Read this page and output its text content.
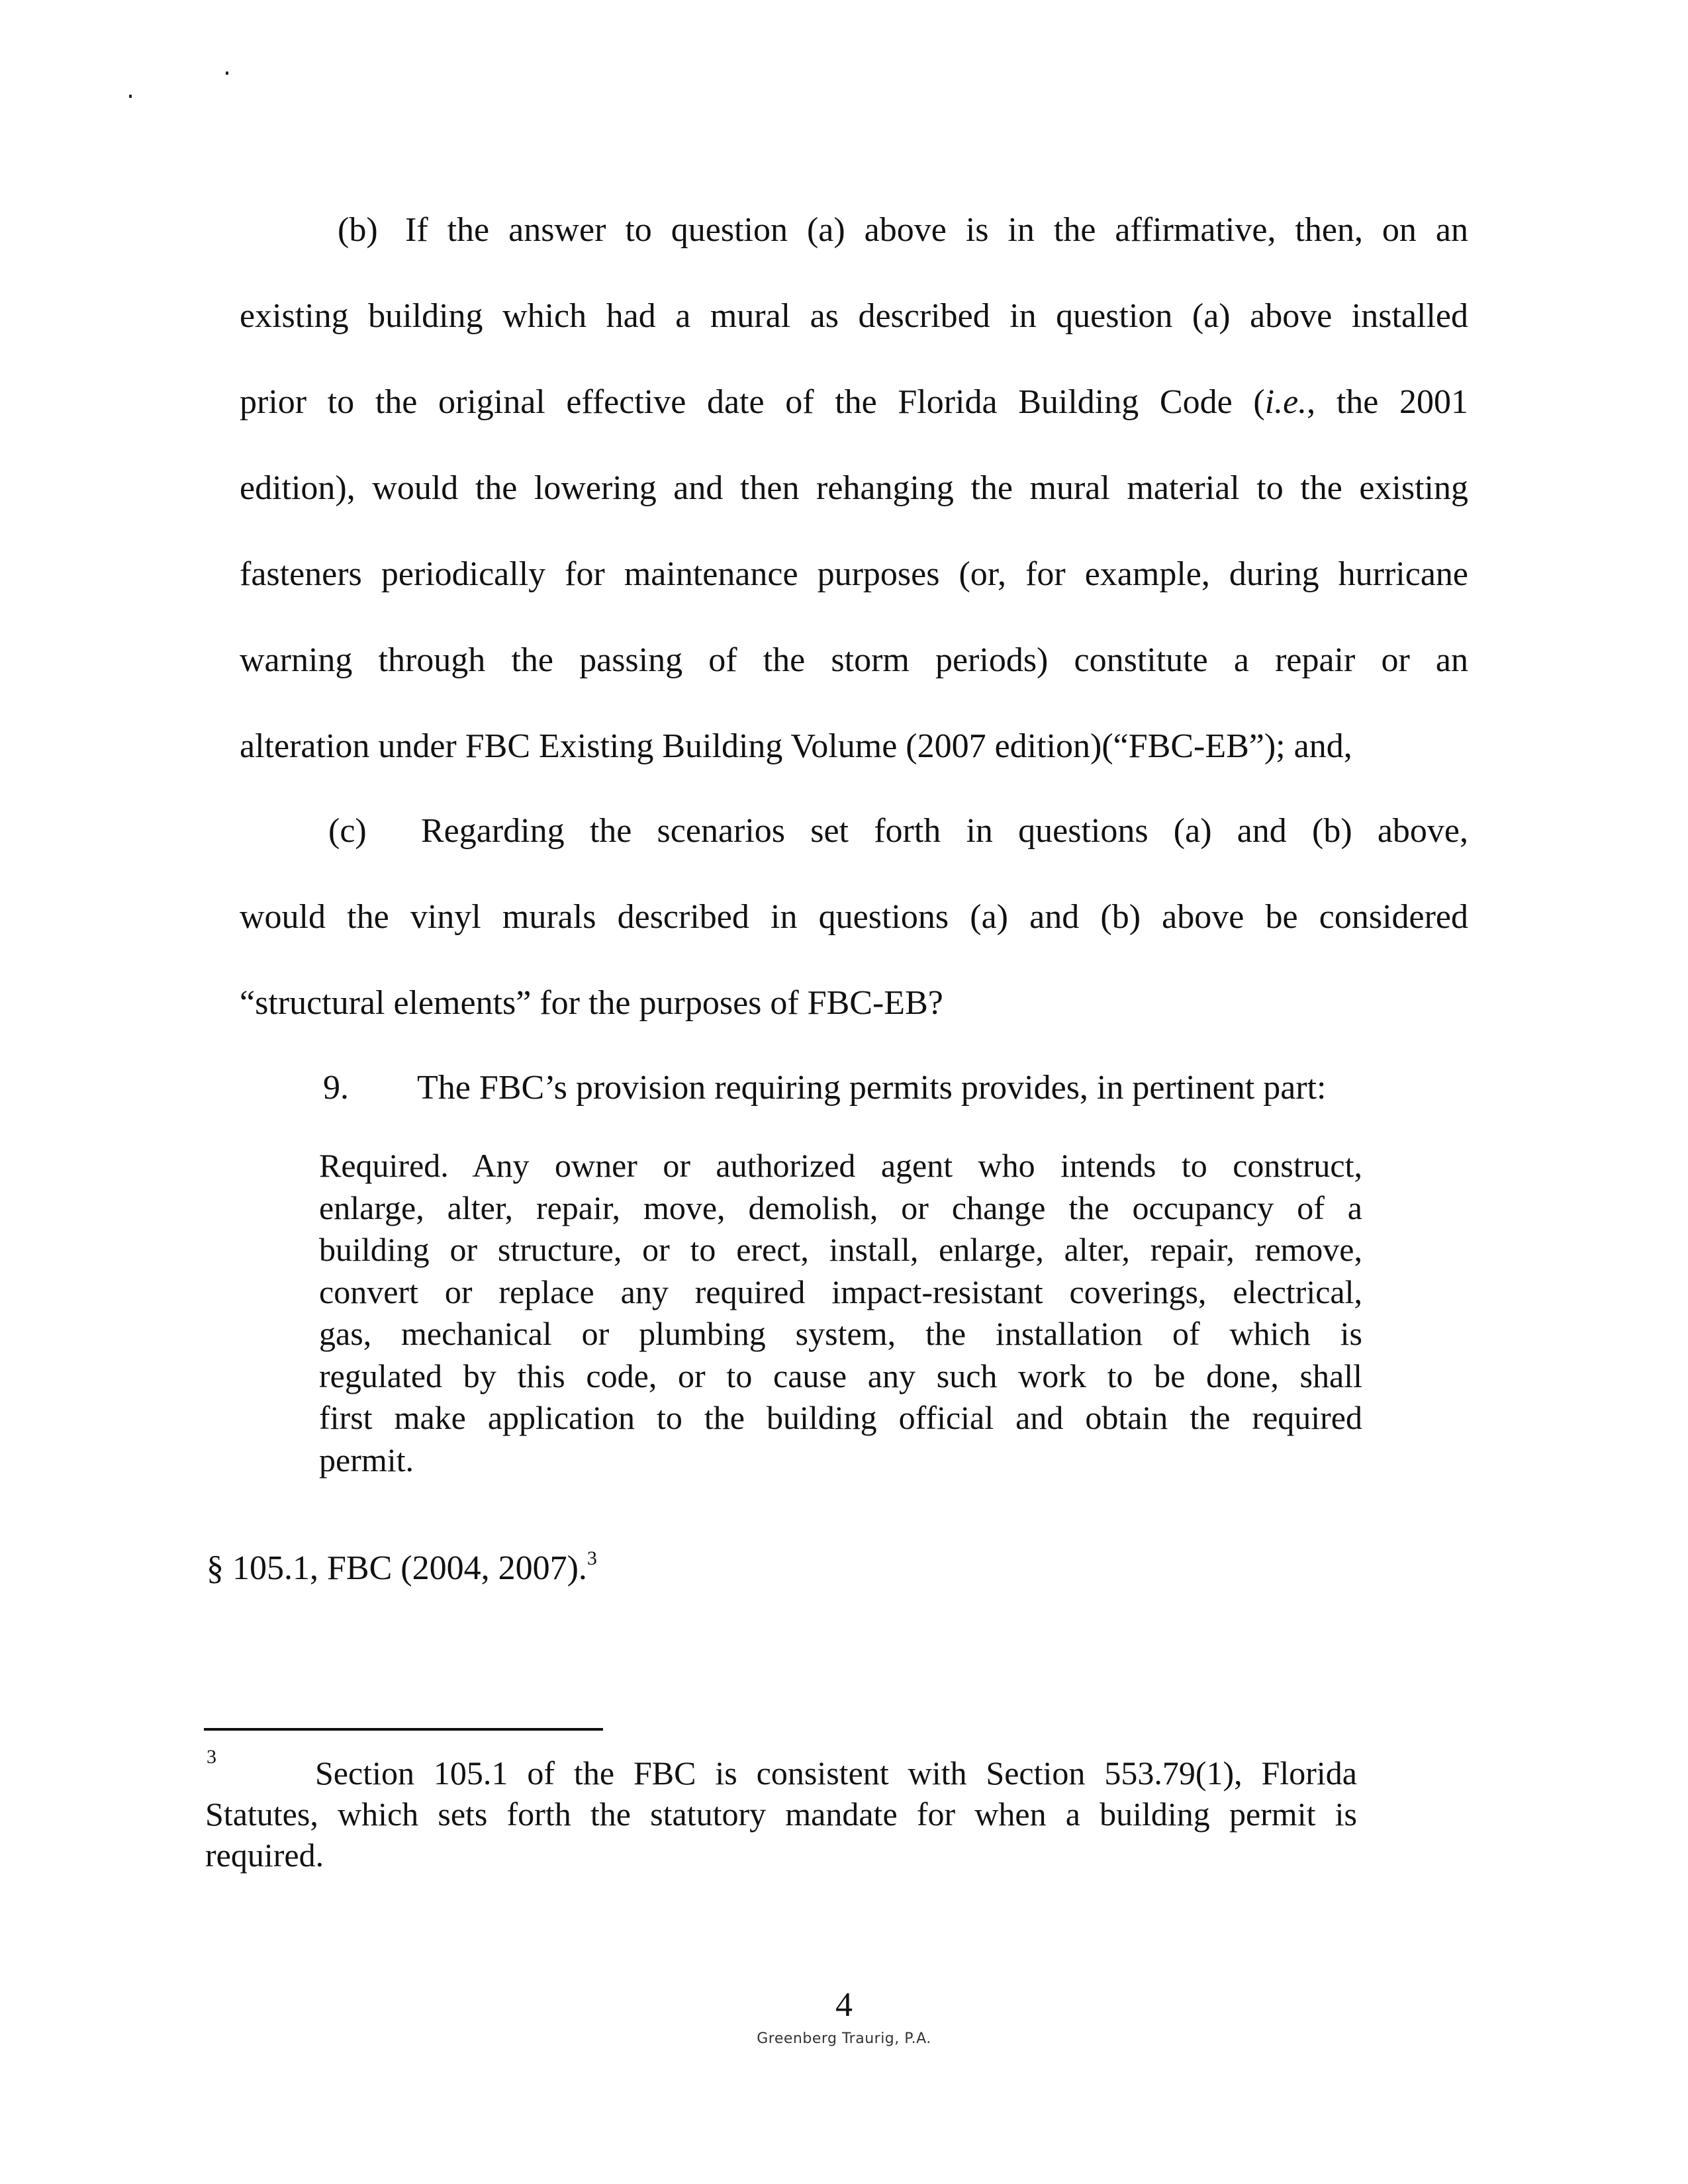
(b) If the answer to question (a) above is in the affirmative, then, on an
existing building which had a mural as described in question (a) above installed
prior to the original effective date of the Florida Building Code (i.e., the 2001
edition), would the lowering and then rehanging the mural material to the existing
fasteners periodically for maintenance purposes (or, for example, during hurricane
warning through the passing of the storm periods) constitute a repair or an
alteration under FBC Existing Building Volume (2007 edition)(“FBC-EB”); and,
(c) Regarding the scenarios set forth in questions (a) and (b) above,
would the vinyl murals described in questions (a) and (b) above be considered
“structural elements” for the purposes of FBC-EB?
9. The FBC’s provision requiring permits provides, in pertinent part:
Required. Any owner or authorized agent who intends to construct,
enlarge, alter, repair, move, demolish, or change the occupancy of a
building or structure, or to erect, install, enlarge, alter, repair, remove,
convert or replace any required impact-resistant coverings, electrical,
gas, mechanical or plumbing system, the installation of which is
regulated by this code, or to cause any such work to be done, shall
first make application to the building official and obtain the required
permit.
§ 105.1, FBC (2004, 2007).$^3$
3	Section 105.1 of the FBC is consistent with Section 553.79(1), Florida
Statutes, which sets forth the statutory mandate for when a building permit is
required.
4
Greenberg Traurig, P.A.
